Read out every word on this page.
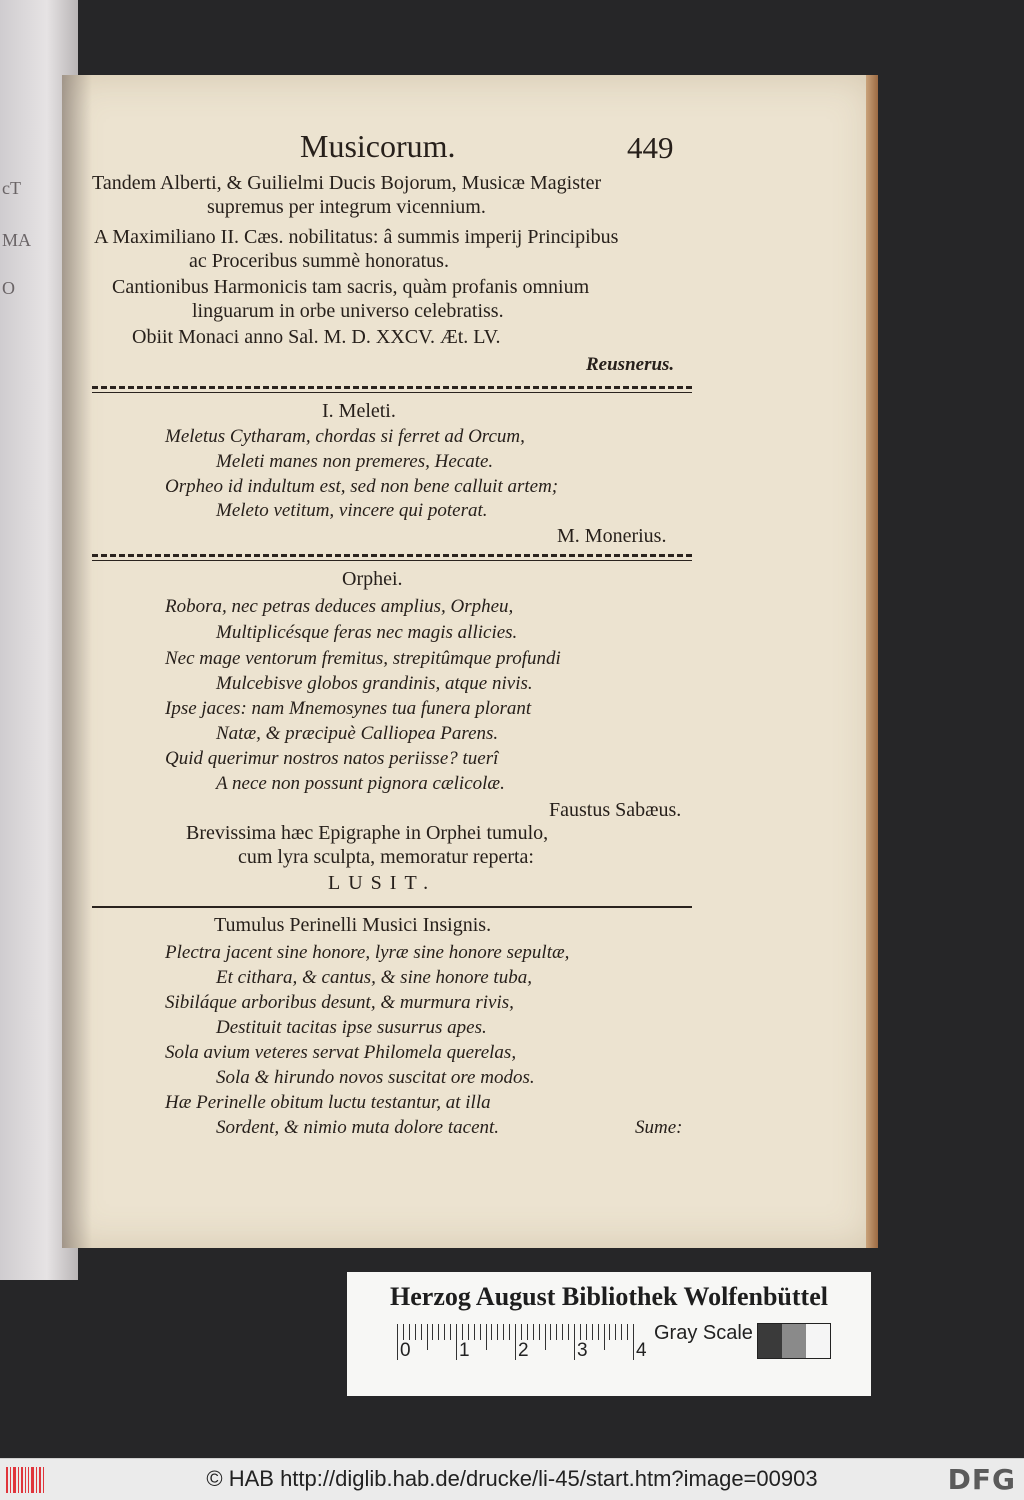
cT
MA
O
Musicorum.	449
Tandem Alberti, & Guilielmi Ducis Bojorum, Musicæ Magister
supremus per integrum vicennium.
A Maximiliano II. Cæs. nobilitatus: â summis imperij Principibus
ac Proceribus summè honoratus.
Cantionibus Harmonicis tam sacris, quàm profanis omnium
linguarum in orbe universo celebratiss.
Obiit Monaci anno Sal. M. D. XXCV. Æt. LV.
Reusnerus.
I. Meleti.
Meletus Cytharam, chordas si ferret ad Orcum,
Meleti manes non premeres, Hecate.
Orpheo id indultum est, sed non bene calluit artem;
Meleto vetitum, vincere qui poterat.
M. Monerius.
Orphei.
Robora, nec petras deduces amplius, Orpheu,
Multiplicésque feras nec magis allicies.
Nec mage ventorum fremitus, strepitûmque profundi
Mulcebisve globos grandinis, atque nivis.
Ipse jaces: nam Mnemosynes tua funera plorant
Natæ, & præcipuè Calliopea Parens.
Quid querimur nostros natos periisse? tuerî
A nece non possunt pignora cælicolæ.
Faustus Sabæus.
Brevissima hæc Epigraphe in Orphei tumulo,
cum lyra sculpta, memoratur reperta:
LUSIT.
Tumulus Perinelli Musici Insignis.
Plectra jacent sine honore, lyræ sine honore sepultæ,
Et cithara, & cantus, & sine honore tuba,
Sibiláque arboribus desunt, & murmura rivis,
Destituit tacitas ipse susurrus apes.
Sola avium veteres servat Philomela querelas,
Sola & hirundo novos suscitat ore modos.
Hæ Perinelle obitum luctu testantur, at illa
Sordent, & nimio muta dolore tacent.	Sume:
Herzog August Bibliothek Wolfenbüttel
0	1	2	3	4
Gray Scale
© HAB http://diglib.hab.de/drucke/li-45/start.htm?image=00903	DFG
